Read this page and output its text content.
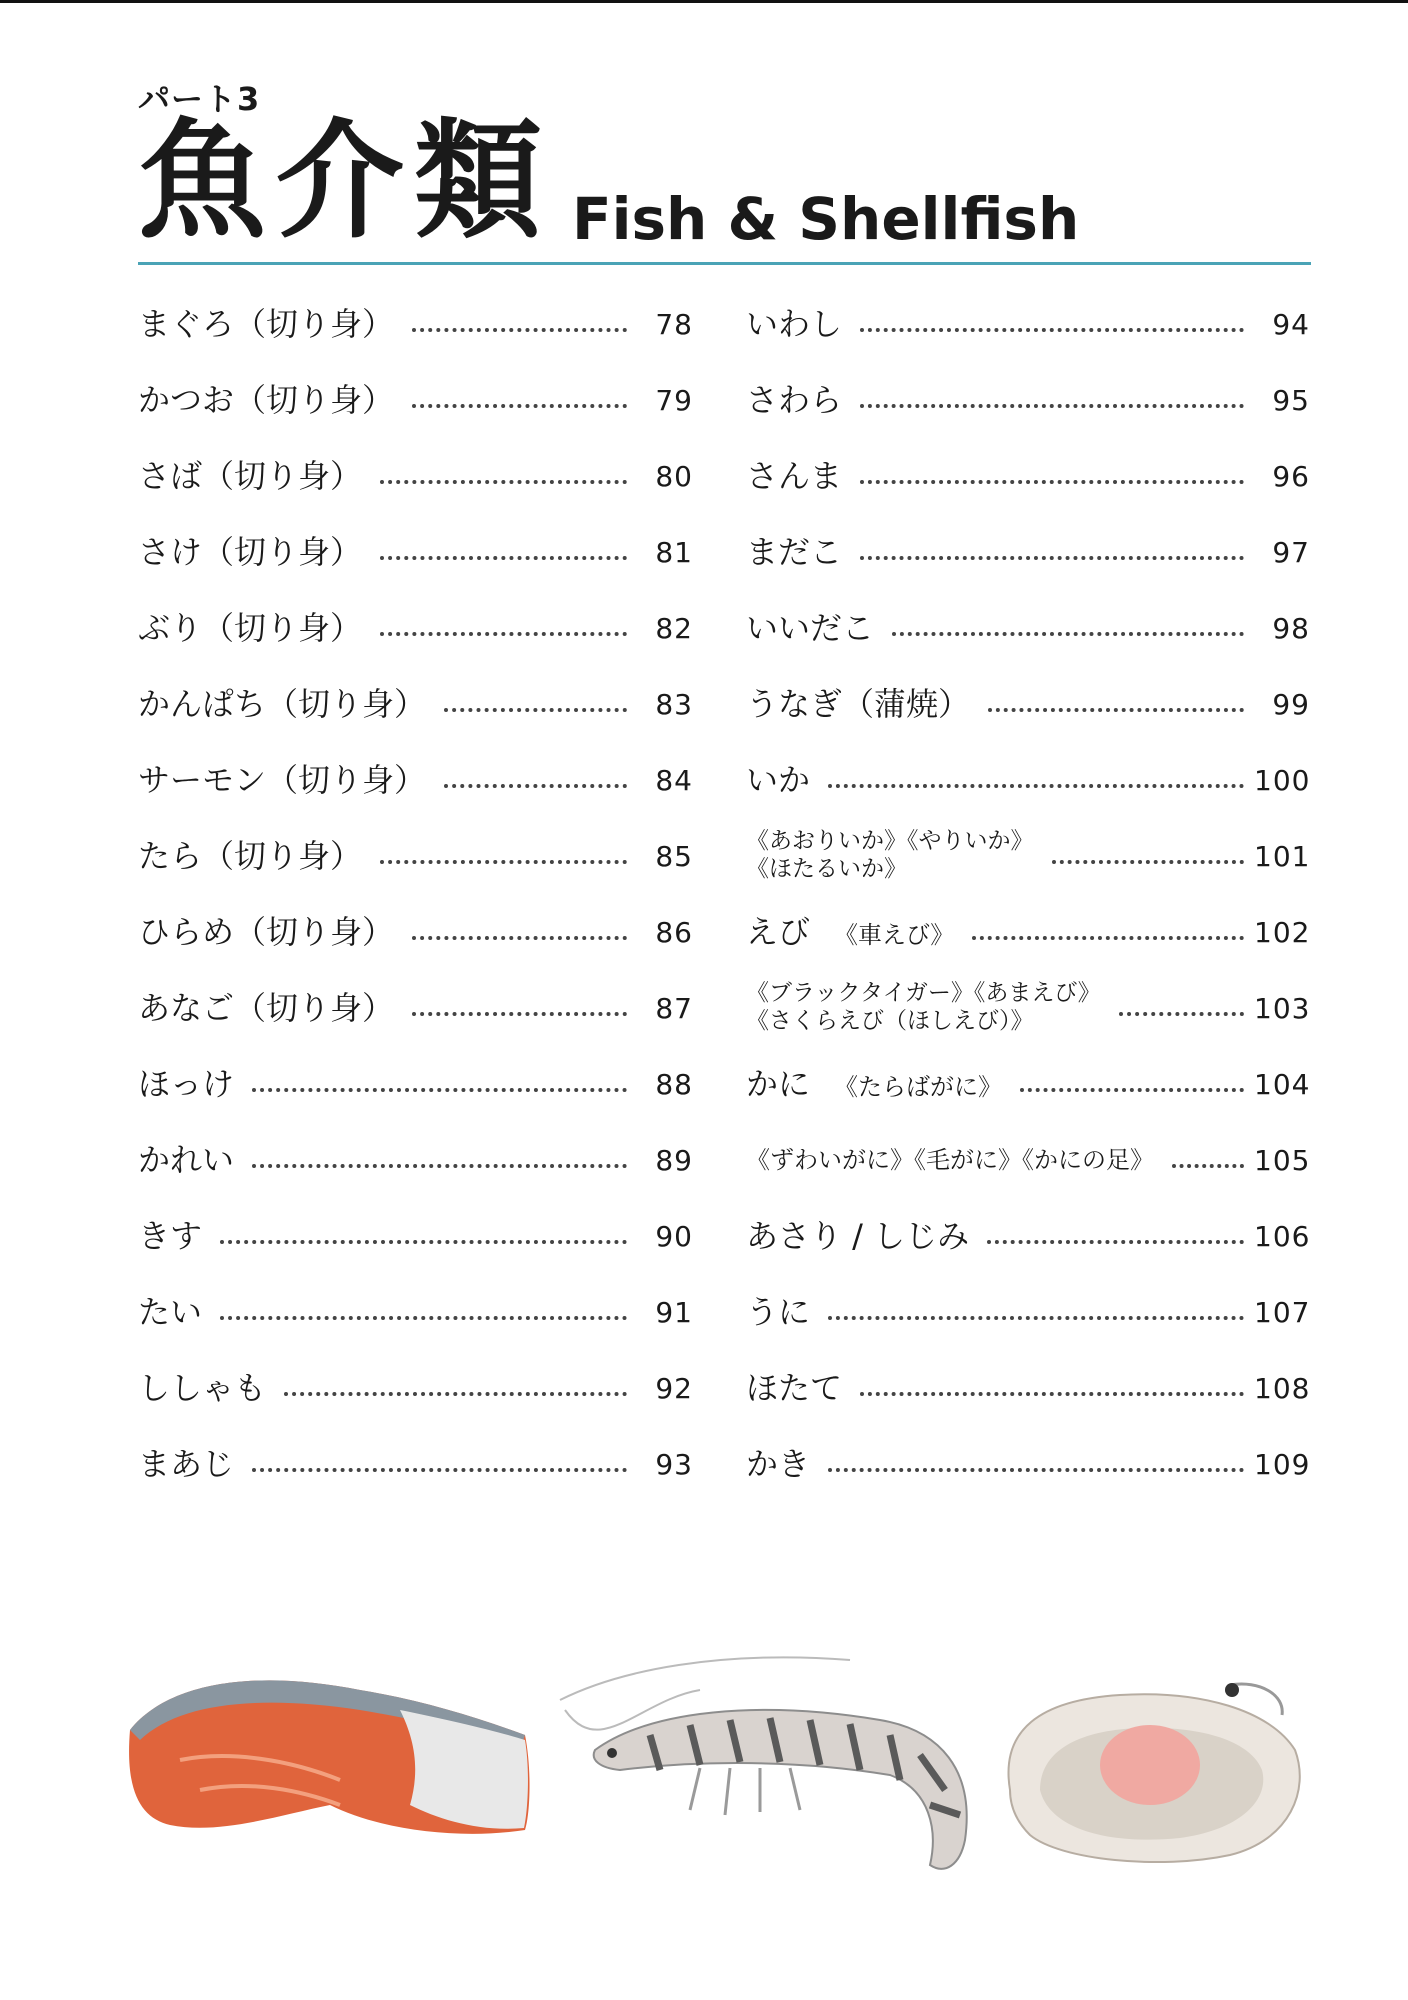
パート3
魚介類 Fish & Shellfish
まぐろ（切り身）	78
かつお（切り身）	79
さば（切り身）	80
さけ（切り身）	81
ぶり（切り身）	82
かんぱち（切り身）	83
サーモン（切り身）	84
たら（切り身）	85
ひらめ（切り身）	86
あなご（切り身）	87
ほっけ	88
かれい	89
きす	90
たい	91
ししゃも	92
まあじ	93
いわし	94
さわら	95
さんま	96
まだこ	97
いいだこ	98
うなぎ（蒲焼）	99
いか	100
《あおりいか》《やりいか》
《ほたるいか》	101
えび 《車えび》	102
《ブラックタイガー》《あまえび》
《さくらえび（ほしえび）》	103
かに 《たらばがに》	104
《ずわいがに》《毛がに》《かにの足》	105
あさり / しじみ	106
うに	107
ほたて	108
かき	109
